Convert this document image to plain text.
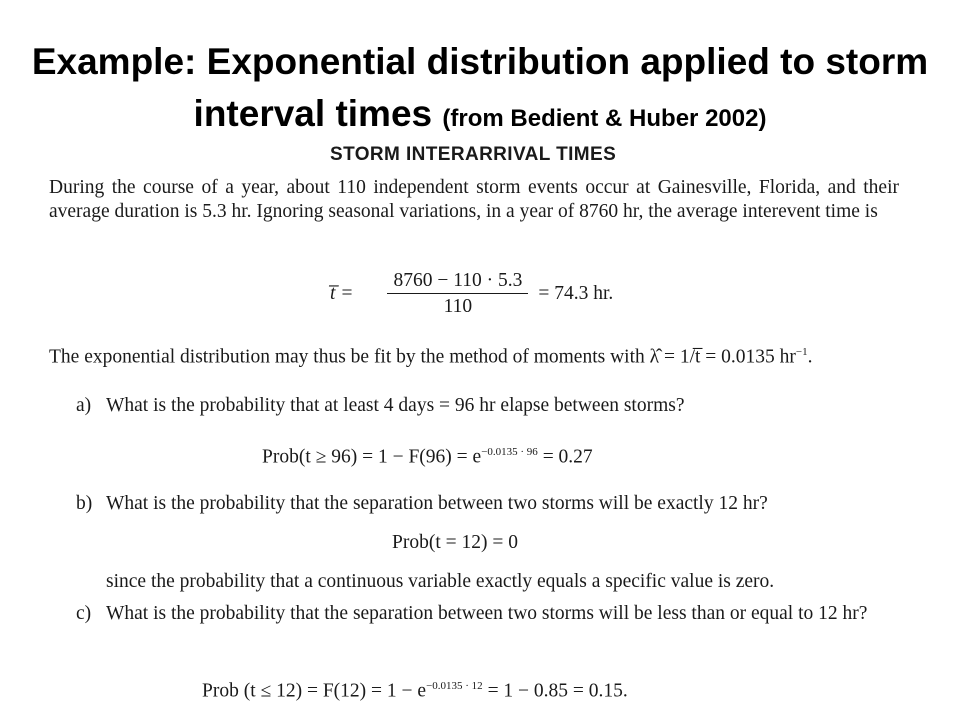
Example: Exponential distribution applied to storm interval times (from Bedient & Huber 2002)
STORM INTERARRIVAL TIMES

During the course of a year, about 110 independent storm events occur at Gainesville, Florida, and their average duration is 5.3 hr. Ignoring seasonal variations, in a year of 8760 hr, the average interevent time is

t̅ = $\frac{8760 - 110 \cdot 5.3}{110} = 74.3$ hr.

The exponential distribution may thus be fit by the method of moments with λ̂ = 1/t̅ = 0.0135 $hr^{-1}$.

a) What is the probability that at least 4 days = 96 hr elapse between storms?
Prob(t ≥ $96) = 1 - F(96) = e^{-0.0135 \cdot 96} = 0.27$
b) What is the probability that the separation between two storms will be exactly 12 hr?
Prob(t = 12) = 0
since the probability that a continuous variable exactly equals a specific value is zero.
c) What is the probability that the separation between two storms will be less than or equal to 12 hr?
Prob $(t \le 12) = F(12) = 1 - e^{-0.0135 \cdot 12} = 1 - 0.85 = 0.15$.
